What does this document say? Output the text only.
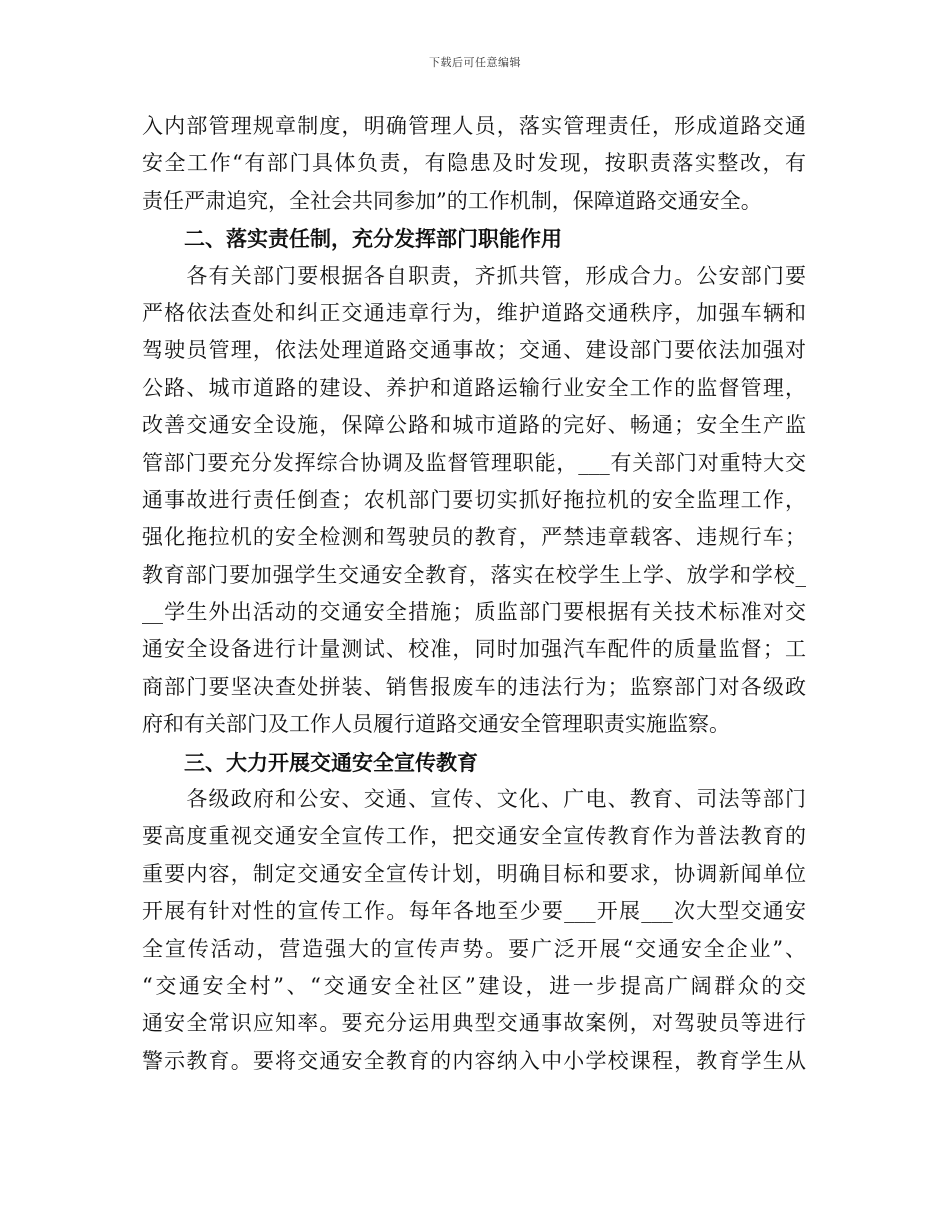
下载后可任意编辑
入内部管理规章制度，明确管理人员，落实管理责任，形成道路交通
安全工作“有部门具体负责，有隐患及时发现，按职责落实整改，有
责任严肃追究，全社会共同参加”的工作机制，保障道路交通安全。
二、落实责任制，充分发挥部门职能作用
　　各有关部门要根据各自职责，齐抓共管，形成合力。公安部门要
严格依法查处和纠正交通违章行为，维护道路交通秩序，加强车辆和
驾驶员管理，依法处理道路交通事故；交通、建设部门要依法加强对
公路、城市道路的建设、养护和道路运输行业安全工作的监督管理，
改善交通安全设施，保障公路和城市道路的完好、畅通；安全生产监
管部门要充分发挥综合协调及监督管理职能，___有关部门对重特大交
通事故进行责任倒查；农机部门要切实抓好拖拉机的安全监理工作，
强化拖拉机的安全检测和驾驶员的教育，严禁违章载客、违规行车；
教育部门要加强学生交通安全教育，落实在校学生上学、放学和学校_
__学生外出活动的交通安全措施；质监部门要根据有关技术标准对交
通安全设备进行计量测试、校准，同时加强汽车配件的质量监督；工
商部门要坚决查处拼装、销售报废车的违法行为；监察部门对各级政
府和有关部门及工作人员履行道路交通安全管理职责实施监察。
三、大力开展交通安全宣传教育
　　各级政府和公安、交通、宣传、文化、广电、教育、司法等部门
要高度重视交通安全宣传工作，把交通安全宣传教育作为普法教育的
重要内容，制定交通安全宣传计划，明确目标和要求，协调新闻单位
开展有针对性的宣传工作。每年各地至少要___开展___次大型交通安
全宣传活动，营造强大的宣传声势。要广泛开展“交通安全企业”、
“交通安全村”、“交通安全社区”建设，进一步提高广阔群众的交
通安全常识应知率。要充分运用典型交通事故案例，对驾驶员等进行
警示教育。要将交通安全教育的内容纳入中小学校课程，教育学生从
